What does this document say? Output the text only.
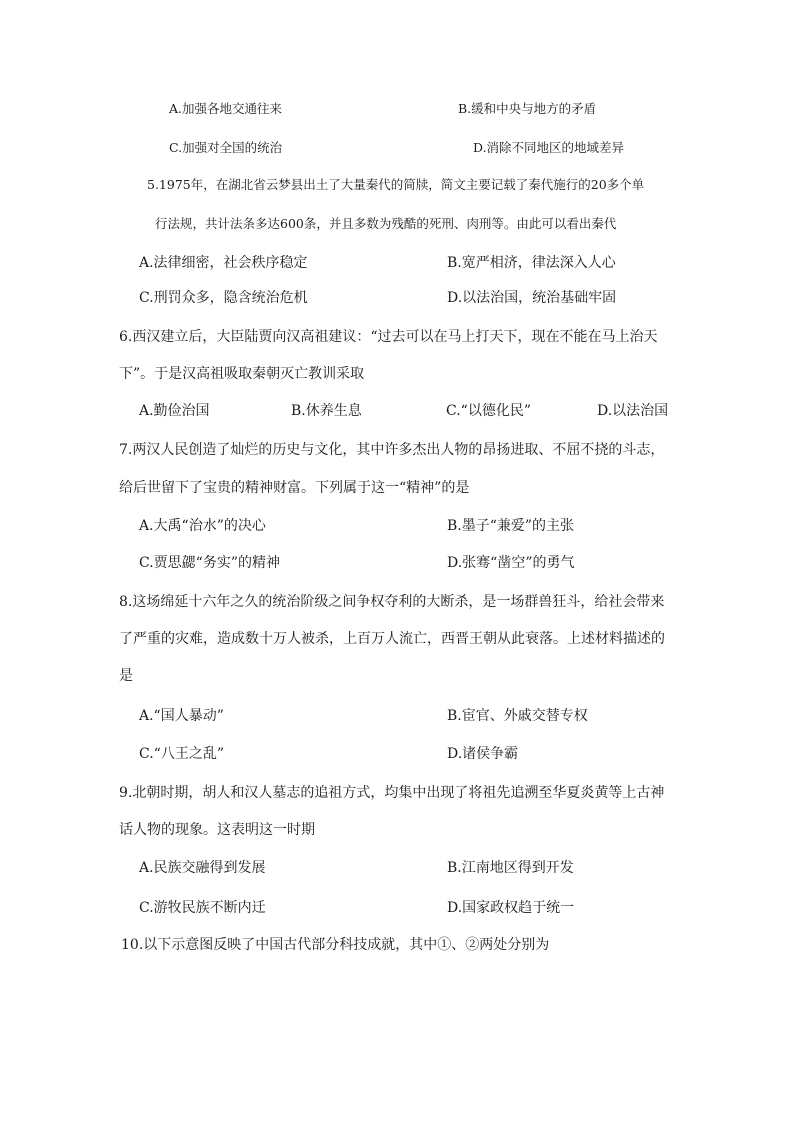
A.加强各地交通往来	B.缓和中央与地方的矛盾
C.加强对全国的统治	D.消除不同地区的地域差异
5.1975年，在湖北省云梦县出土了大量秦代的简牍，简文主要记载了秦代施行的20多个单
行法规，共计法条多达600条，并且多数为残酷的死刑、肉刑等。由此可以看出秦代
A.法律细密，社会秩序稳定	B.宽严相济，律法深入人心
C.刑罚众多，隐含统治危机	D.以法治国，统治基础牢固
6.西汉建立后，大臣陆贾向汉高祖建议：“过去可以在马上打天下，现在不能在马上治天
下”。于是汉高祖吸取秦朝灭亡教训采取
A.勤俭治国	B.休养生息	C.“以德化民”	D.以法治国
7.两汉人民创造了灿烂的历史与文化，其中许多杰出人物的昂扬进取、不屈不挠的斗志，
给后世留下了宝贵的精神财富。下列属于这一“精神”的是
A.大禹“治水”的决心	B.墨子“兼爱”的主张
C.贾思勰“务实”的精神	D.张骞“凿空”的勇气
8.这场绵延十六年之久的统治阶级之间争权夺利的大断杀，是一场群兽狂斗，给社会带来
了严重的灾难，造成数十万人被杀，上百万人流亡，西晋王朝从此衰落。上述材料描述的
是
A.“国人暴动”	B.宦官、外戚交替专权
C.“八王之乱”	D.诸侯争霸
9.北朝时期，胡人和汉人墓志的追祖方式，均集中出现了将祖先追溯至华夏炎黄等上古神
话人物的现象。这表明这一时期
A.民族交融得到发展	B.江南地区得到开发
C.游牧民族不断内迁	D.国家政权趋于统一
10.以下示意图反映了中国古代部分科技成就，其中①、②两处分别为
